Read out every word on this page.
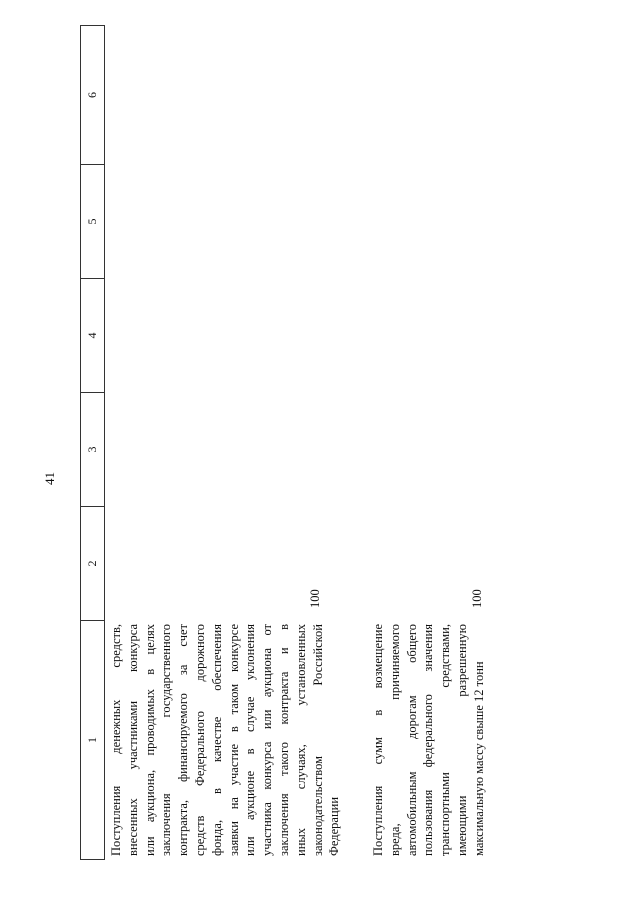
41
1
2
3
4
5
6
Поступления денежных средств, внесенных участниками конкурса или аукциона, проводимых в целях заключения государственного контракта, финансируемого за счет средств Федерального дорожного фонда, в качестве обеспечения заявки на участие в таком конкурсе или аукционе в случае уклонения участника конкурса или аукциона от заключения такого контракта и в иных случаях, установленных законодательством Российской Федерации
100
Поступления сумм в возмещение вреда, причиняемого автомобильным дорогам общего пользования федерального значения транспортными средствами, имеющими разрешенную максимальную массу свыше 12 тонн
100
